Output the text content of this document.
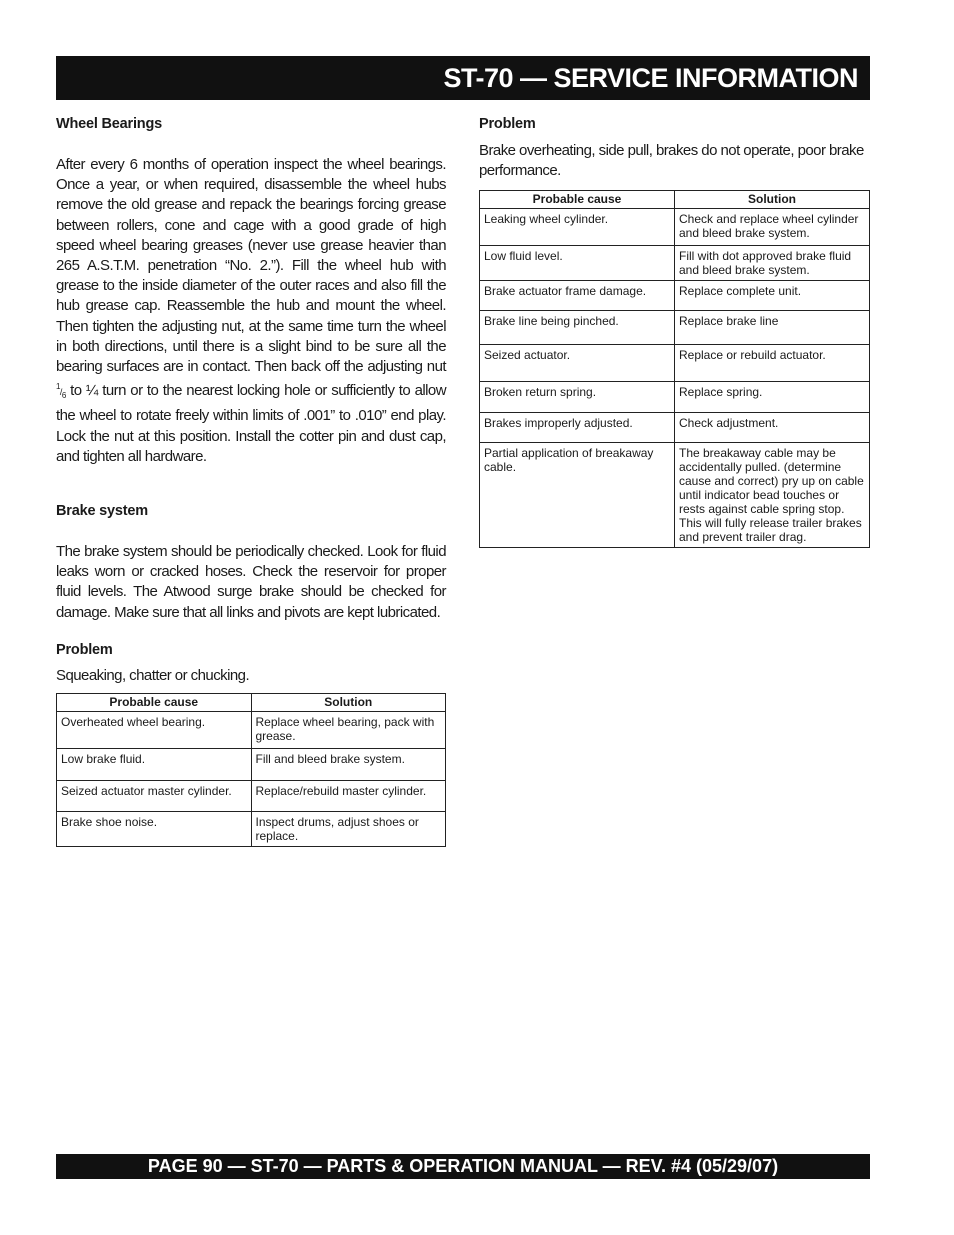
ST-70 — SERVICE INFORMATION
Wheel Bearings

After every 6 months of operation inspect the wheel bearings. Once a year, or when required, disassemble the wheel hubs remove the old grease and repack the bearings forcing grease between rollers, cone and cage with a good grade of high speed wheel bearing greases (never use grease heavier than 265 A.S.T.M. penetration “No. 2.”). Fill the wheel hub with grease to the inside diameter of the outer races and also fill the hub grease cap. Reassemble the hub and mount the wheel. Then tighten the adjusting nut, at the same time turn the wheel in both directions, until there is a slight bind to be sure all the bearing surfaces are in contact. Then back off the adjusting nut $^1/_6$ to ¼ turn or to the nearest locking hole or sufficiently to allow the wheel to rotate freely within limits of .001” to .010” end play. Lock the nut at this position. Install the cotter pin and dust cap, and tighten all hardware.

Brake system

The brake system should be periodically checked. Look for fluid leaks worn or cracked hoses. Check the reservoir for proper fluid levels. The Atwood surge brake should be checked for damage. Make sure that all links and pivots are kept lubricated.

Problem

Squeaking, chatter or chucking.

Probable cause	Solution
Overheated wheel bearing.	Replace wheel bearing, pack with grease.
Low brake fluid.	Fill and bleed brake system.
Seized actuator master cylinder.	Replace/rebuild master cylinder.
Brake shoe noise.	Inspect drums, adjust shoes or replace.
Problem

Brake overheating, side pull, brakes do not operate, poor brake performance.

Probable cause	Solution
Leaking wheel cylinder.	Check and replace wheel cylinder and bleed brake system.
Low fluid level.	Fill with dot approved brake fluid and bleed brake system.
Brake actuator frame damage.	Replace complete unit.
Brake line being pinched.	Replace brake line
Seized actuator.	Replace or rebuild actuator.
Broken return spring.	Replace spring.
Brakes improperly adjusted.	Check adjustment.
Partial application of breakaway cable.	The breakaway cable may be accidentally pulled. (determine cause and correct) pry up on cable until indicator bead touches or rests against cable spring stop. This will fully release trailer brakes and prevent trailer drag.
PAGE 90 — ST-70 — PARTS & OPERATION MANUAL — REV. #4 (05/29/07)
